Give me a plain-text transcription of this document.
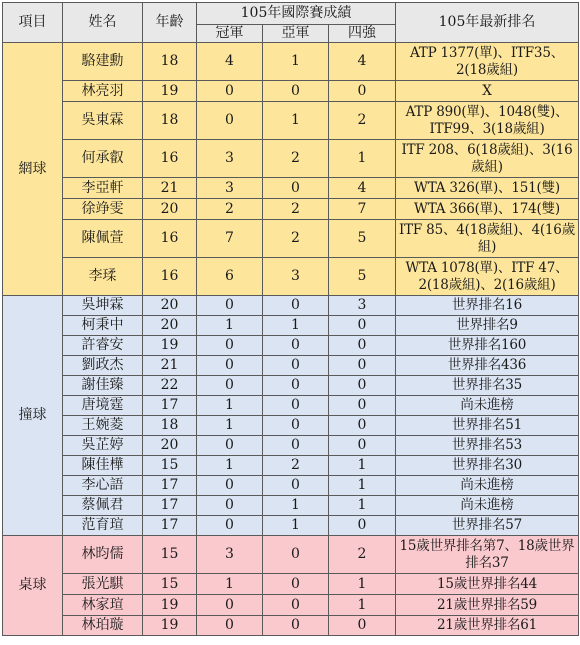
項目	姓名	年齡	105年國際賽成績			105年最新排名
			冠軍	亞軍	四強	
網球	駱建勳	18	4	1	4	ATP 1377(單)、ITF35、2(18歲組)
	林亮羽	19	0	0	0	X
	吳東霖	18	0	1	2	ATP 890(單)、1048(雙)、ITF99、3(18歲組)
	何承叡	16	3	2	1	ITF 208、6(18歲組)、3(16歲組)
	李亞軒	21	3	0	4	WTA 326(單)、151(雙)
	徐竫雯	20	2	2	7	WTA 366(單)、174(雙)
	陳佩萱	16	7	2	5	ITF 85、4(18歲組)、4(16歲組)
	李瑈	16	6	3	5	WTA 1078(單)、ITF 47、2(18歲組)、2(16歲組)
撞球	吳坤霖	20	0	0	3	世界排名16
	柯秉中	20	1	1	0	世界排名9
	許睿安	19	0	0	0	世界排名160
	劉政杰	21	0	0	0	世界排名436
	謝佳臻	22	0	0	0	世界排名35
	唐境霆	17	1	0	0	尚未進榜
	王婉菱	18	1	0	0	世界排名51
	吳芷婷	20	0	0	0	世界排名53
	陳佳樺	15	1	2	1	世界排名30
	李心語	17	0	0	1	尚未進榜
	蔡佩君	17	0	1	1	尚未進榜
	范育瑄	17	0	1	0	世界排名57
桌球	林昀儒	15	3	0	2	15歲世界排名第7、18歲世界排名37
	張光騏	15	1	0	1	15歲世界排名44
	林家瑄	19	0	0	1	21歲世界排名59
	林珀璇	19	0	0	0	21歲世界排名61
